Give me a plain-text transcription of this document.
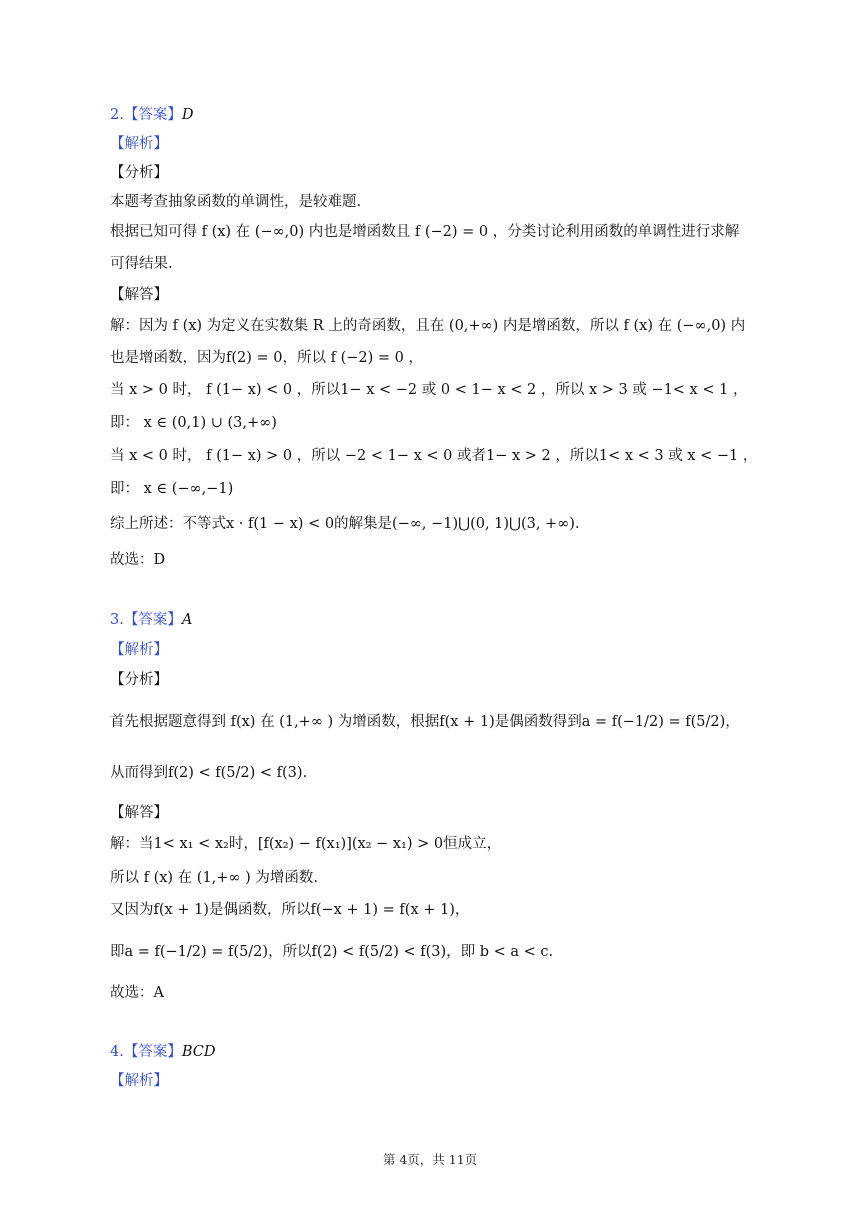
2.【答案】D
【解析】
【分析】
本题考查抽象函数的单调性，是较难题.
根据已知可得 f (x) 在 (−∞,0) 内也是增函数且 f (−2) = 0 ，分类讨论利用函数的单调性进行求解
可得结果.
【解答】
解：因为 f (x) 为定义在实数集 R 上的奇函数，且在 (0,+∞) 内是增函数，所以 f (x) 在 (−∞,0) 内
也是增函数，因为f(2) = 0，所以 f (−2) = 0 ，
当 x > 0 时， f (1− x) < 0 ，所以1− x < −2 或 0 < 1− x < 2 ，所以 x > 3 或 −1< x < 1 ，
即： x ∈ (0,1) ∪ (3,+∞)
当 x < 0 时， f (1− x) > 0 ，所以 −2 < 1− x < 0 或者1− x > 2 ，所以1< x < 3 或 x < −1 ，
即： x ∈ (−∞,−1)
综上所述：不等式x · f(1 − x) < 0的解集是(−∞, −1)⋃(0, 1)⋃(3, +∞).
故选：D
3.【答案】A
【解析】
【分析】
首先根据题意得到 f(x) 在 (1,+∞ ) 为增函数，根据f(x + 1)是偶函数得到a = f(−1/2) = f(5/2)，
从而得到f(2) < f(5/2) < f(3).
【解答】
解：当1< x₁ < x₂时，[f(x₂) − f(x₁)](x₂ − x₁) > 0恒成立，
所以 f (x) 在 (1,+∞ ) 为增函数.
又因为f(x + 1)是偶函数，所以f(−x + 1) = f(x + 1)，
即a = f(−1/2) = f(5/2)，所以f(2) < f(5/2) < f(3)，即 b < a < c.
故选：A
4.【答案】BCD
【解析】
第 4页，共 11页
